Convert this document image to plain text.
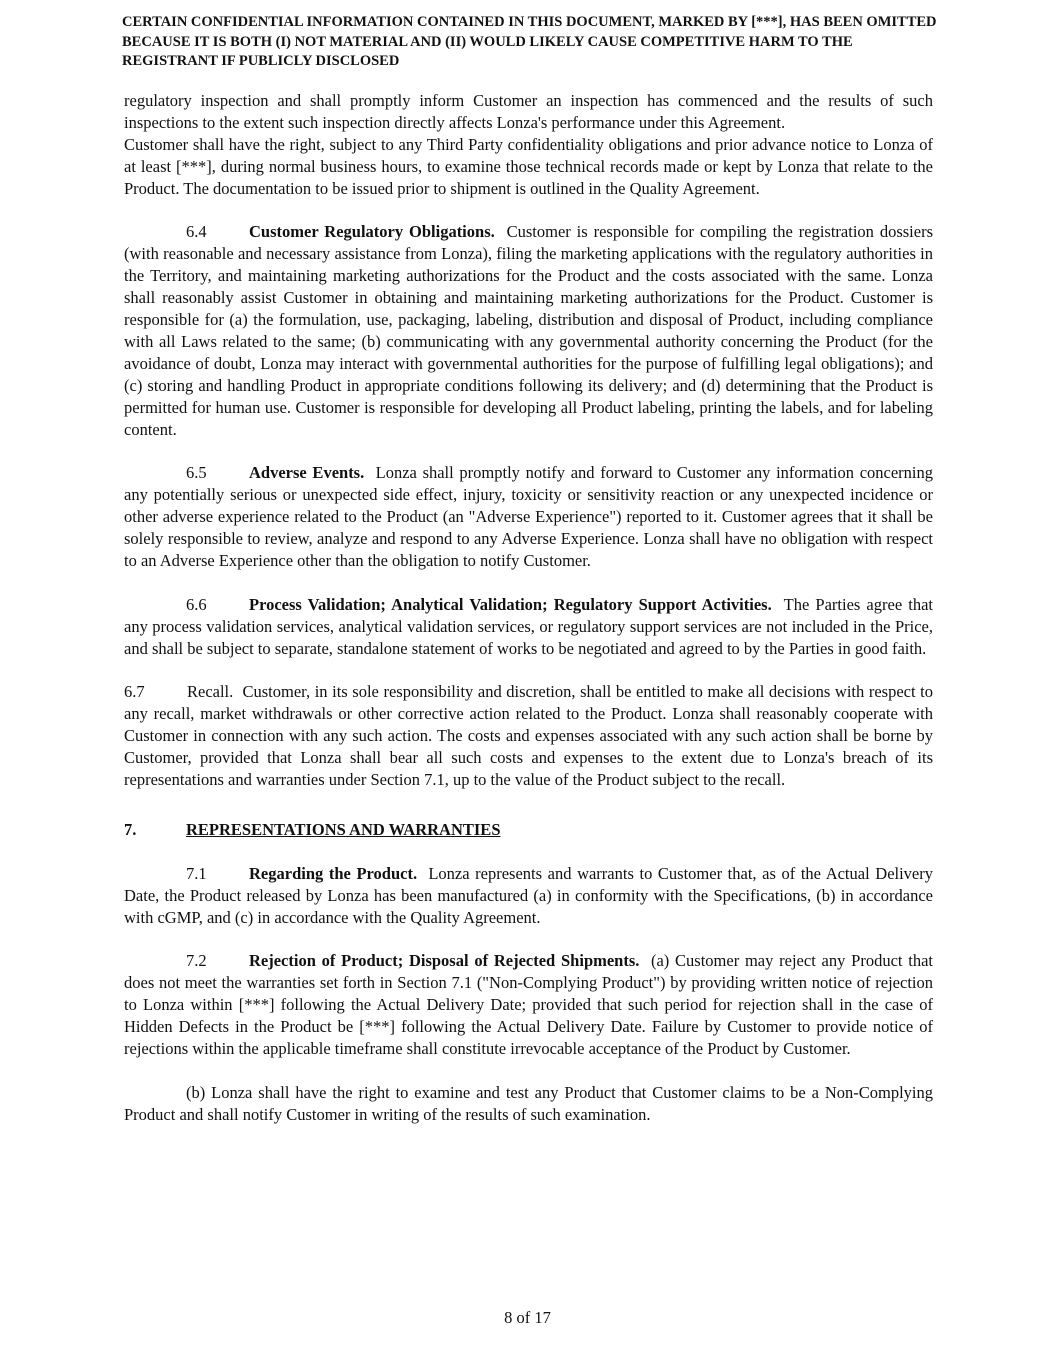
CERTAIN CONFIDENTIAL INFORMATION CONTAINED IN THIS DOCUMENT, MARKED BY [***], HAS BEEN OMITTED BECAUSE IT IS BOTH (I) NOT MATERIAL AND (II) WOULD LIKELY CAUSE COMPETITIVE HARM TO THE REGISTRANT IF PUBLICLY DISCLOSED

regulatory inspection and shall promptly inform Customer an inspection has commenced and the results of such inspections to the extent such inspection directly affects Lonza's performance under this Agreement.

Customer shall have the right, subject to any Third Party confidentiality obligations and prior advance notice to Lonza of at least [***], during normal business hours, to examine those technical records made or kept by Lonza that relate to the Product. The documentation to be issued prior to shipment is outlined in the Quality Agreement.

6.4	Customer Regulatory Obligations. Customer is responsible for compiling the registration dossiers (with reasonable and necessary assistance from Lonza), filing the marketing applications with the regulatory authorities in the Territory, and maintaining marketing authorizations for the Product and the costs associated with the same. Lonza shall reasonably assist Customer in obtaining and maintaining marketing authorizations for the Product. Customer is responsible for (a) the formulation, use, packaging, labeling, distribution and disposal of Product, including compliance with all Laws related to the same; (b) communicating with any governmental authority concerning the Product (for the avoidance of doubt, Lonza may interact with governmental authorities for the purpose of fulfilling legal obligations); and (c) storing and handling Product in appropriate conditions following its delivery; and (d) determining that the Product is permitted for human use. Customer is responsible for developing all Product labeling, printing the labels, and for labeling content.

6.5	Adverse Events. Lonza shall promptly notify and forward to Customer any information concerning any potentially serious or unexpected side effect, injury, toxicity or sensitivity reaction or any unexpected incidence or other adverse experience related to the Product (an "Adverse Experience") reported to it. Customer agrees that it shall be solely responsible to review, analyze and respond to any Adverse Experience. Lonza shall have no obligation with respect to an Adverse Experience other than the obligation to notify Customer.

6.6	Process Validation; Analytical Validation; Regulatory Support Activities. The Parties agree that any process validation services, analytical validation services, or regulatory support services are not included in the Price, and shall be subject to separate, standalone statement of works to be negotiated and agreed to by the Parties in good faith.

6.7	Recall. Customer, in its sole responsibility and discretion, shall be entitled to make all decisions with respect to any recall, market withdrawals or other corrective action related to the Product. Lonza shall reasonably cooperate with Customer in connection with any such action. The costs and expenses associated with any such action shall be borne by Customer, provided that Lonza shall bear all such costs and expenses to the extent due to Lonza's breach of its representations and warranties under Section 7.1, up to the value of the Product subject to the recall.

7.	REPRESENTATIONS AND WARRANTIES

7.1	Regarding the Product. Lonza represents and warrants to Customer that, as of the Actual Delivery Date, the Product released by Lonza has been manufactured (a) in conformity with the Specifications, (b) in accordance with cGMP, and (c) in accordance with the Quality Agreement.

7.2	Rejection of Product; Disposal of Rejected Shipments. (a) Customer may reject any Product that does not meet the warranties set forth in Section 7.1 ("Non-Complying Product") by providing written notice of rejection to Lonza within [***] following the Actual Delivery Date; provided that such period for rejection shall in the case of Hidden Defects in the Product be [***] following the Actual Delivery Date. Failure by Customer to provide notice of rejections within the applicable timeframe shall constitute irrevocable acceptance of the Product by Customer.

(b) Lonza shall have the right to examine and test any Product that Customer claims to be a Non-Complying Product and shall notify Customer in writing of the results of such examination.

8 of 17
